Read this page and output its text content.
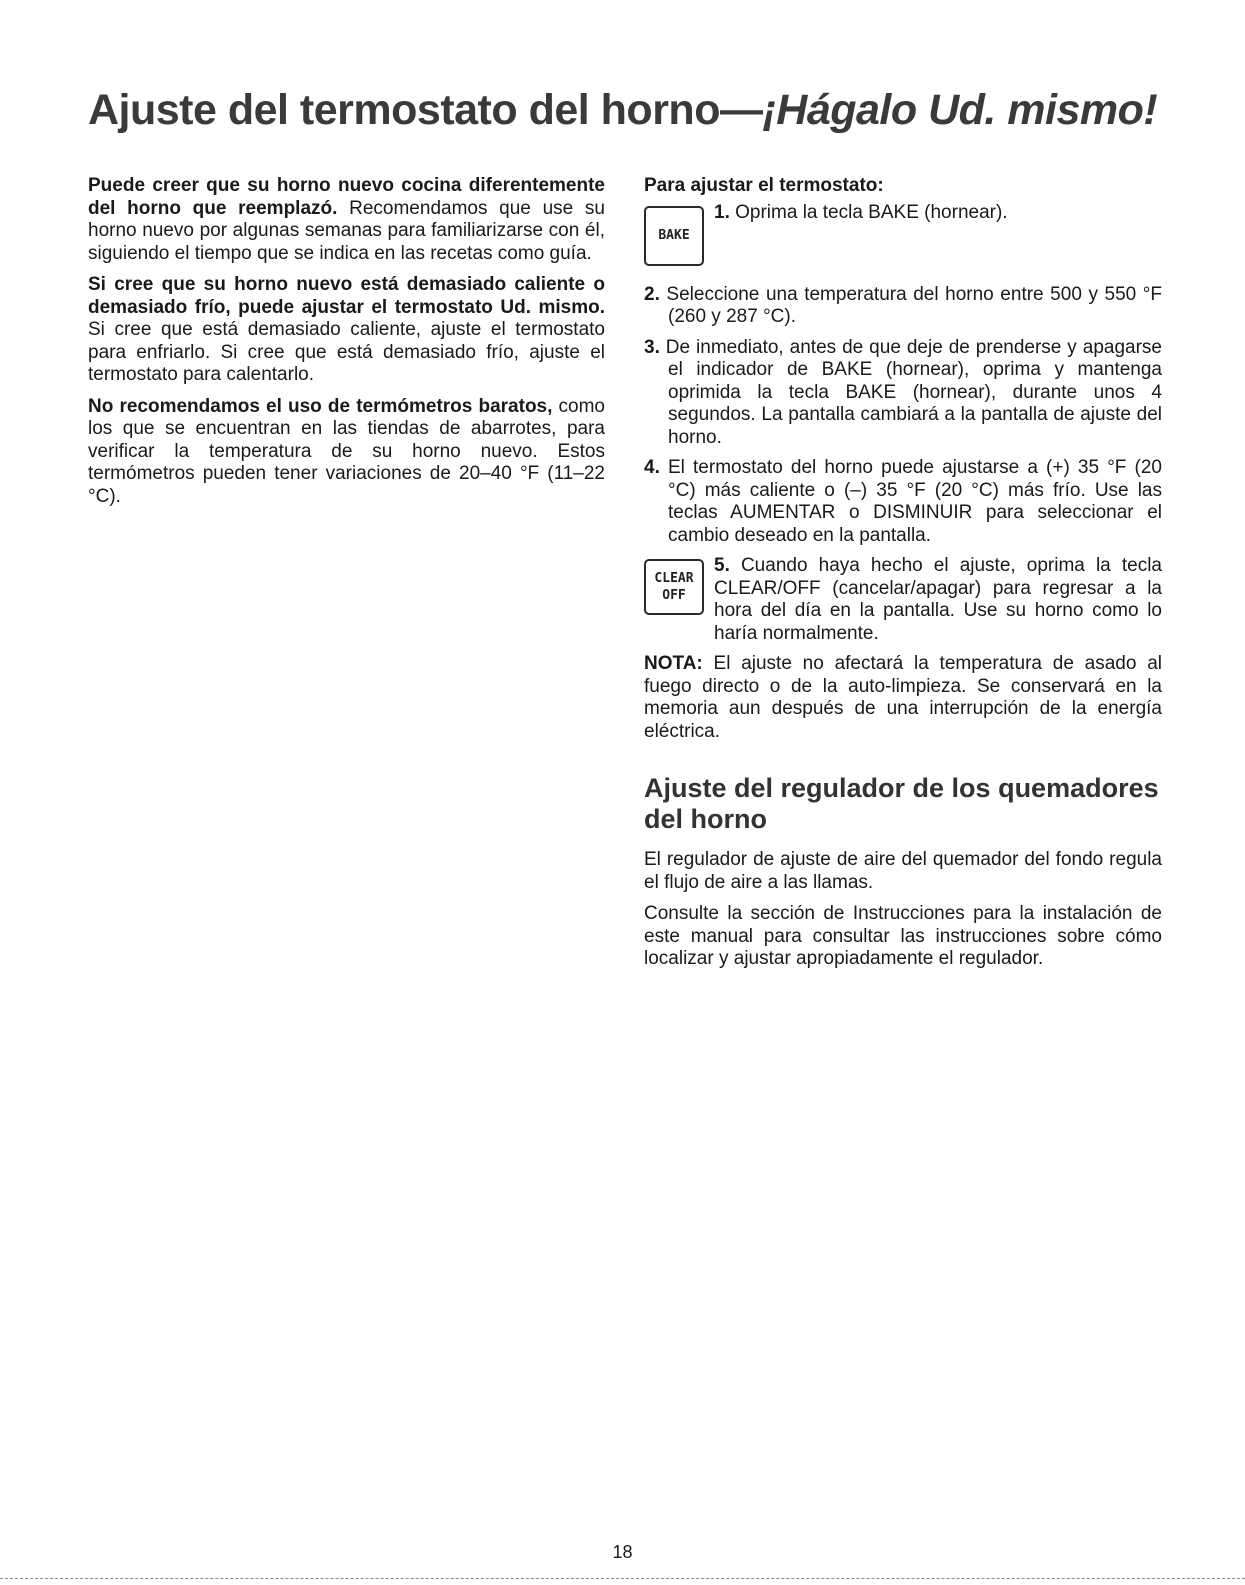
Ajuste del termostato del horno—¡Hágalo Ud. mismo!

Puede creer que su horno nuevo cocina diferentemente del horno que reemplazó. Recomendamos que use su horno nuevo por algunas semanas para familiarizarse con él, siguiendo el tiempo que se indica en las recetas como guía.

Si cree que su horno nuevo está demasiado caliente o demasiado frío, puede ajustar el termostato Ud. mismo. Si cree que está demasiado caliente, ajuste el termostato para enfriarlo. Si cree que está demasiado frío, ajuste el termostato para calentarlo.

No recomendamos el uso de termómetros baratos, como los que se encuentran en las tiendas de abarrotes, para verificar la temperatura de su horno nuevo. Estos termómetros pueden tener variaciones de 20–40 °F (11–22 °C).

Para ajustar el termostato:

BAKE
1. Oprima la tecla BAKE (hornear).

2. Seleccione una temperatura del horno entre 500 y 550 °F (260 y 287 °C).

3. De inmediato, antes de que deje de prenderse y apagarse el indicador de BAKE (hornear), oprima y mantenga oprimida la tecla BAKE (hornear), durante unos 4 segundos. La pantalla cambiará a la pantalla de ajuste del horno.

4. El termostato del horno puede ajustarse a (+) 35 °F (20 °C) más caliente o (–) 35 °F (20 °C) más frío. Use las teclas AUMENTAR o DISMINUIR para seleccionar el cambio deseado en la pantalla.

CLEAR
OFF
5. Cuando haya hecho el ajuste, oprima la tecla CLEAR/OFF (cancelar/apagar) para regresar a la hora del día en la pantalla. Use su horno como lo haría normalmente.

NOTA: El ajuste no afectará la temperatura de asado al fuego directo o de la auto-limpieza. Se conservará en la memoria aun después de una interrupción de la energía eléctrica.

Ajuste del regulador de los quemadores del horno

El regulador de ajuste de aire del quemador del fondo regula el flujo de aire a las llamas.

Consulte la sección de Instrucciones para la instalación de este manual para consultar las instrucciones sobre cómo localizar y ajustar apropiadamente el regulador.

18
